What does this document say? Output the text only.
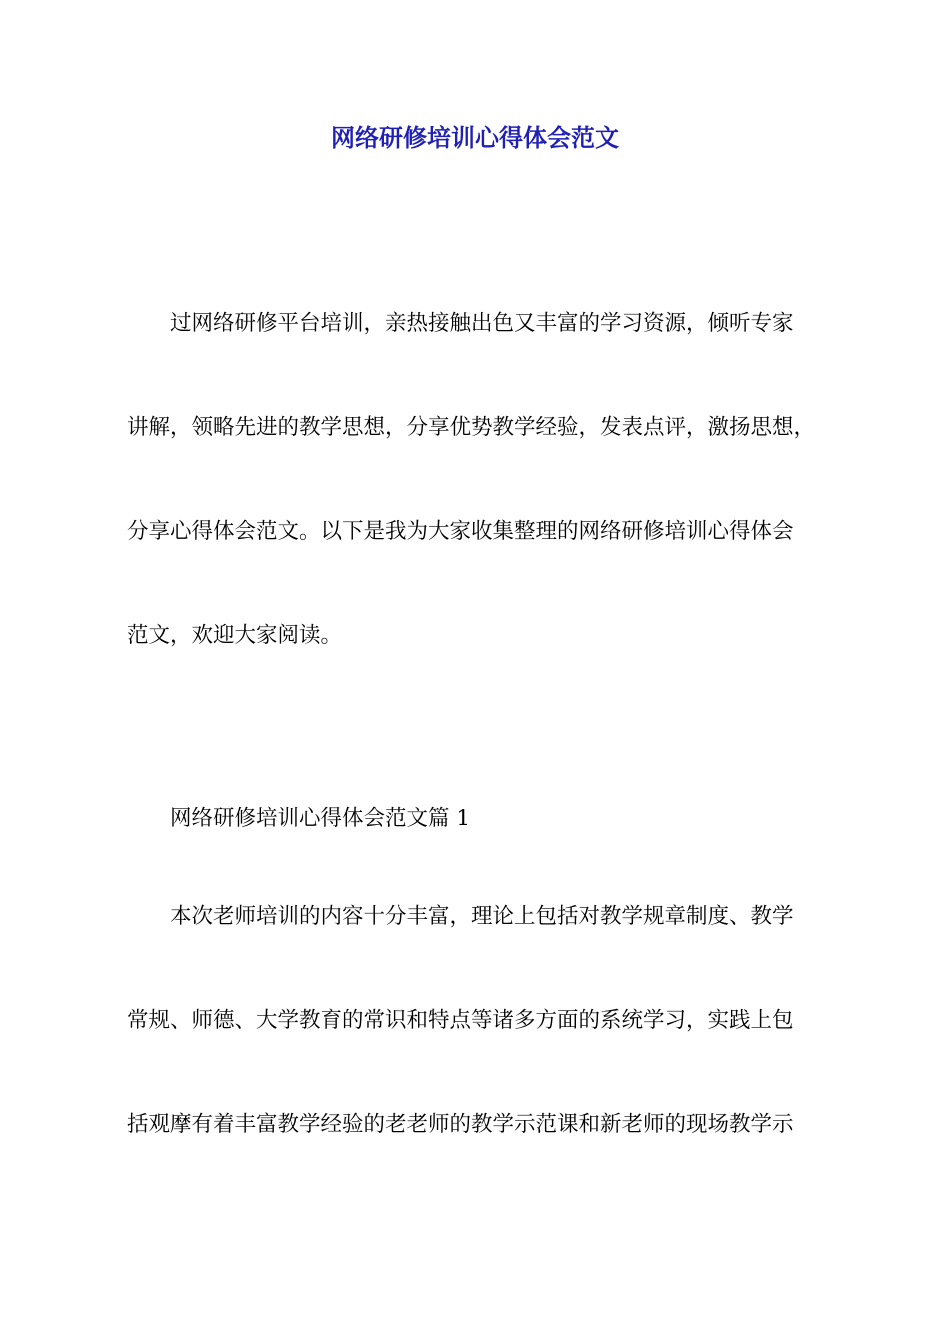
网络研修培训心得体会范文

过网络研修平台培训，亲热接触出色又丰富的学习资源，倾听专家
讲解，领略先进的教学思想，分享优势教学经验，发表点评，激扬思想，
分享心得体会范文。以下是我为大家收集整理的网络研修培训心得体会
范文，欢迎大家阅读。

网络研修培训心得体会范文篇 1

本次老师培训的内容十分丰富，理论上包括对教学规章制度、教学
常规、师德、大学教育的常识和特点等诸多方面的系统学习，实践上包
括观摩有着丰富教学经验的老老师的教学示范课和新老师的现场教学示
